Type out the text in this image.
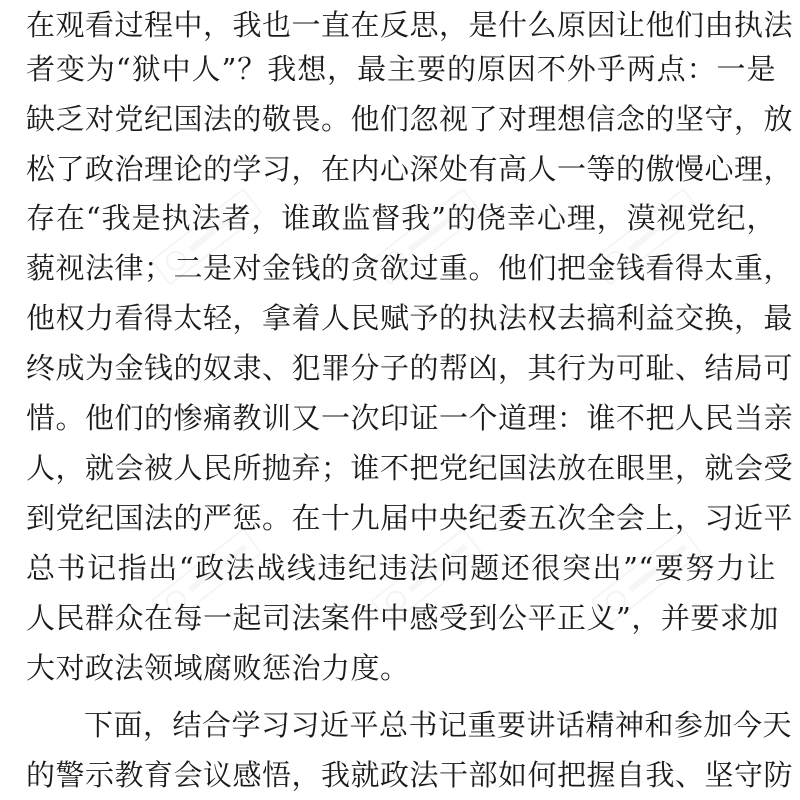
在观看过程中，我也一直在反思，是什么原因让他们由执法
者变为“狱中人”？我想，最主要的原因不外乎两点：一是
缺乏对党纪国法的敬畏。他们忽视了对理想信念的坚守，放
松了政治理论的学习，在内心深处有高人一等的傲慢心理，
存在“我是执法者，谁敢监督我”的侥幸心理，漠视党纪，
藐视法律；二是对金钱的贪欲过重。他们把金钱看得太重，
他权力看得太轻，拿着人民赋予的执法权去搞利益交换，最
终成为金钱的奴隶、犯罪分子的帮凶，其行为可耻、结局可
惜。他们的惨痛教训又一次印证一个道理：谁不把人民当亲
人，就会被人民所抛弃；谁不把党纪国法放在眼里，就会受
到党纪国法的严惩。在十九届中央纪委五次全会上，习近平
总书记指出“政法战线违纪违法问题还很突出”“要努力让
人民群众在每一起司法案件中感受到公平正义”，并要求加
大对政法领域腐败惩治力度。
下面，结合学习习近平总书记重要讲话精神和参加今天
的警示教育会议感悟，我就政法干部如何把握自我、坚守防
